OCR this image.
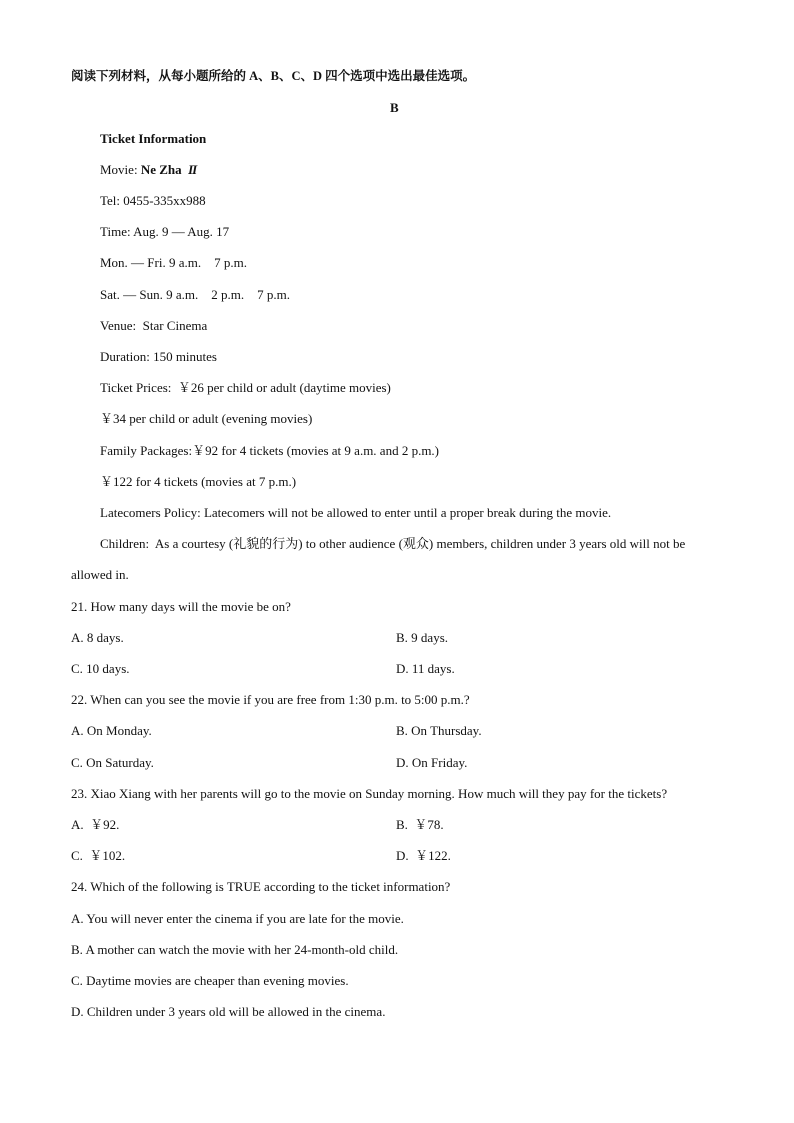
阅读下列材料，从每小题所给的 A、B、C、D 四个选项中选出最佳选项。
B
Ticket Information
Movie: Ne Zha II
Tel: 0455-335xx988
Time: Aug. 9 — Aug. 17
Mon. — Fri. 9 a.m.    7 p.m.
Sat. — Sun. 9 a.m.    2 p.m.    7 p.m.
Venue:  Star Cinema
Duration: 150 minutes
Ticket Prices:  ￥26 per child or adult (daytime movies)
￥34 per child or adult (evening movies)
Family Packages:￥92 for 4 tickets (movies at 9 a.m. and 2 p.m.)
￥122 for 4 tickets (movies at 7 p.m.)
Latecomers Policy: Latecomers will not be allowed to enter until a proper break during the movie.
Children:  As a courtesy (礼貌的行为) to other audience (观众) members, children under 3 years old will not be
allowed in.
21. How many days will the movie be on?
A. 8 days.	B. 9 days.
C. 10 days.	D. 11 days.
22. When can you see the movie if you are free from 1:30 p.m. to 5:00 p.m.?
A. On Monday.	B. On Thursday.
C. On Saturday.	D. On Friday.
23. Xiao Xiang with her parents will go to the movie on Sunday morning. How much will they pay for the tickets?
A.  ￥92.	B.  ￥78.
C.  ￥102.	D.  ￥122.
24. Which of the following is TRUE according to the ticket information?
A. You will never enter the cinema if you are late for the movie.
B. A mother can watch the movie with her 24-month-old child.
C. Daytime movies are cheaper than evening movies.
D. Children under 3 years old will be allowed in the cinema.
